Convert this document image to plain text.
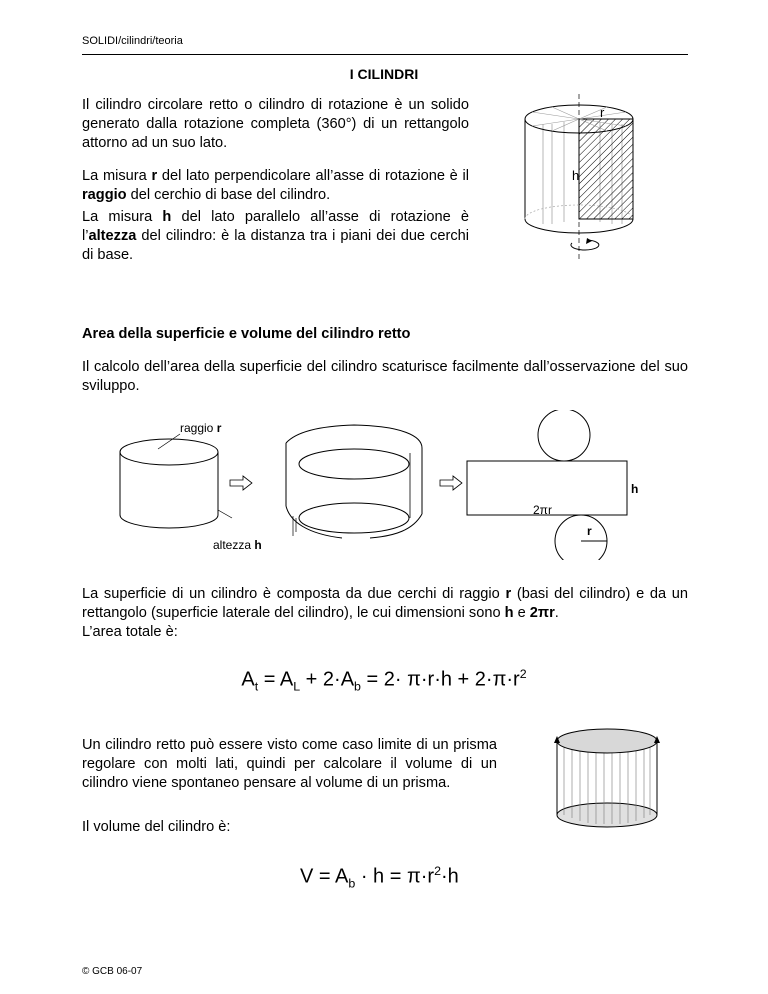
SOLIDI/cilindri/teoria
I CILINDRI
Il cilindro circolare retto o cilindro di rotazione è un solido generato dalla rotazione completa (360°) di un rettangolo attorno ad un suo lato.
La misura r del lato perpendicolare all’asse di rotazione è il raggio del cerchio di base del cilindro.
La misura h del lato parallelo all’asse di rotazione è l’altezza del cilindro: è la distanza tra i piani dei due cerchi di base.
r
h
Area della superficie e volume del cilindro retto
Il calcolo dell’area della superficie del cilindro scaturisce facilmente dall’osservazione del suo sviluppo.
raggio r
altezza h
h
2πr
r
La superficie di un cilindro è composta da due cerchi di raggio r (basi del cilindro) e da un rettangolo (superficie laterale del cilindro), le cui dimensioni sono h e 2πr.
L’area totale è:
$A_t = A_L + 2\cdot A_b = 2\cdot \pi\cdot r\cdot h + 2\cdot\pi\cdot r^2$
Un cilindro retto può essere visto come caso limite di un prisma regolare con molti lati, quindi per calcolare il volume di un cilindro viene spontaneo pensare al volume di un prisma.
Il volume del cilindro è:
$V = A_b \cdot h = \pi\cdot r^2\cdot h$
© GCB 06-07
